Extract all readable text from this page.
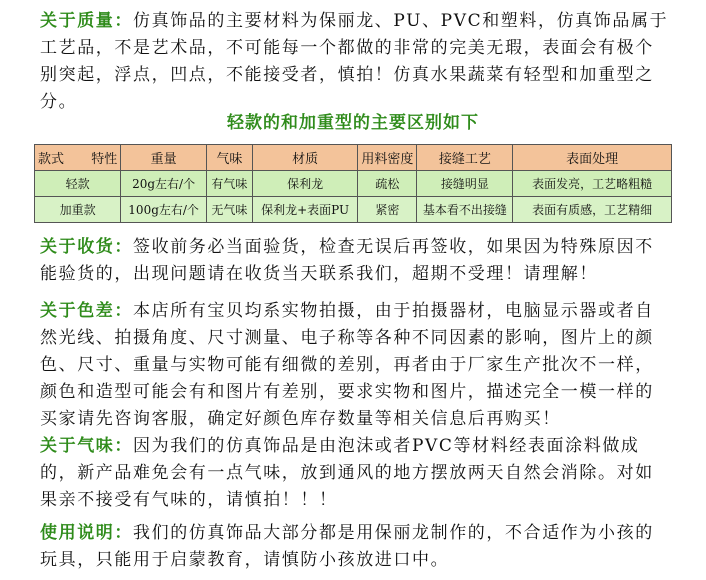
关于质量：仿真饰品的主要材料为保丽龙、PU、PVC和塑料，仿真饰品属于工艺品，不是艺术品，不可能每一个都做的非常的完美无瑕，表面会有极个别突起，浮点，凹点，不能接受者，慎拍！仿真水果蔬菜有轻型和加重型之分。

轻款的和加重型的主要区别如下
款式 特性	重量	气味	材质	用料密度	接缝工艺	表面处理
轻款	20g左右/个	有气味	保利龙	疏松	接缝明显	表面发亮，工艺略粗糙
加重款	100g左右/个	无气味	保利龙+表面PU	紧密	基本看不出接缝	表面有质感，工艺精细

关于收货：签收前务必当面验货，检查无误后再签收，如果因为特殊原因不能验货的，出现问题请在收货当天联系我们，超期不受理！请理解！

关于色差：本店所有宝贝均系实物拍摄，由于拍摄器材，电脑显示器或者自然光线、拍摄角度、尺寸测量、电子称等各种不同因素的影响，图片上的颜色、尺寸、重量与实物可能有细微的差别，再者由于厂家生产批次不一样，颜色和造型可能会有和图片有差别，要求实物和图片，描述完全一模一样的买家请先咨询客服，确定好颜色库存数量等相关信息后再购买！

关于气味：因为我们的仿真饰品是由泡沫或者PVC等材料经表面涂料做成的，新产品难免会有一点气味，放到通风的地方摆放两天自然会消除。对如果亲不接受有气味的，请慎拍！！！

使用说明：我们的仿真饰品大部分都是用保丽龙制作的，不合适作为小孩的玩具，只能用于启蒙教育，请慎防小孩放进口中。
